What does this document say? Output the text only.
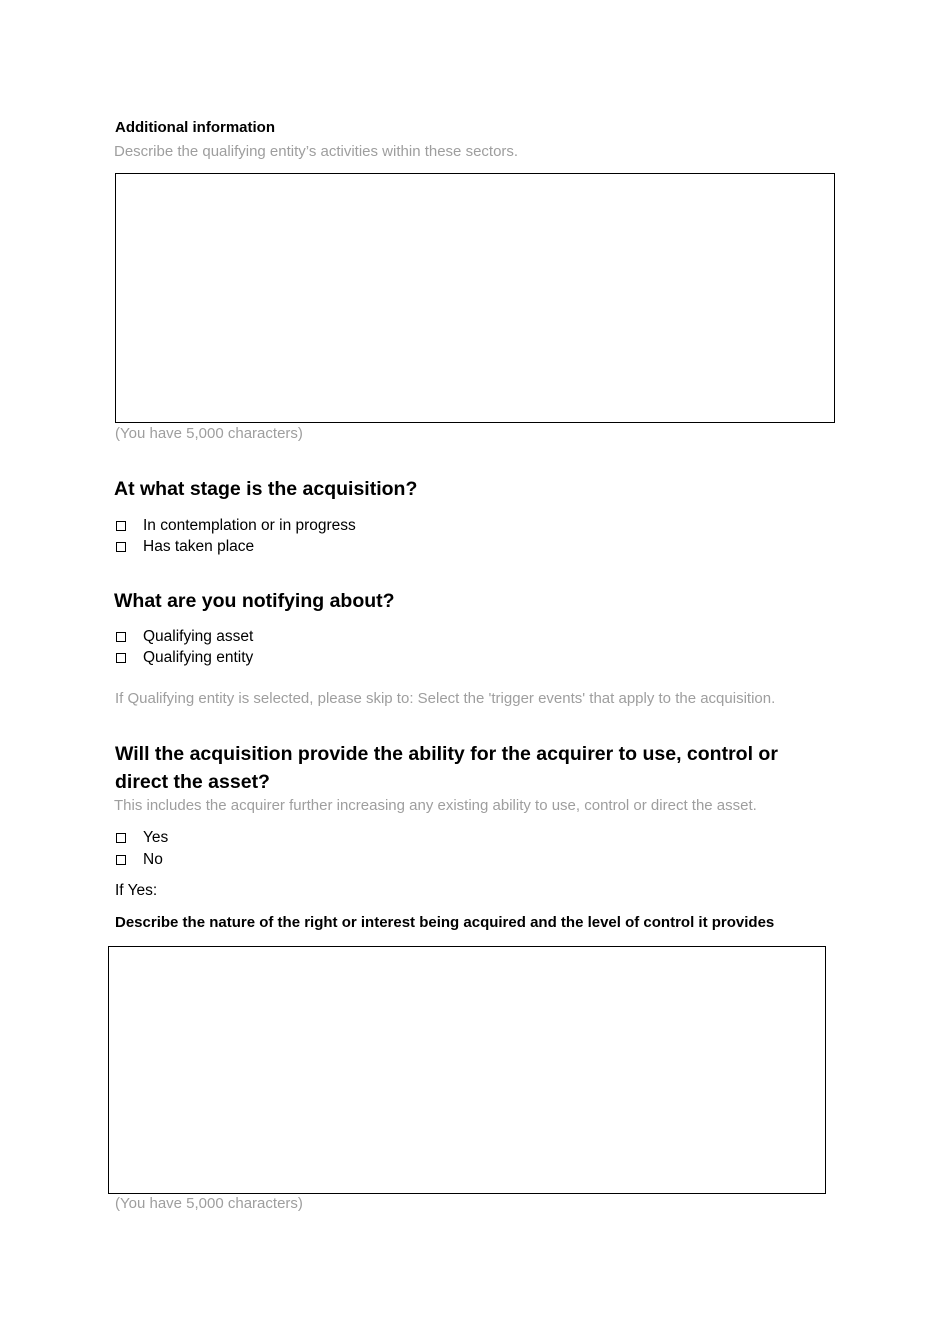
Additional information
Describe the qualifying entity’s activities within these sectors.
(You have 5,000 characters)
At what stage is the acquisition?
In contemplation or in progress
Has taken place
What are you notifying about?
Qualifying asset
Qualifying entity
If Qualifying entity is selected, please skip to: Select the 'trigger events' that apply to the acquisition.
Will the acquisition provide the ability for the acquirer to use, control or direct the asset?
This includes the acquirer further increasing any existing ability to use, control or direct the asset.
Yes
No
If Yes:
Describe the nature of the right or interest being acquired and the level of control it provides
(You have 5,000 characters)
